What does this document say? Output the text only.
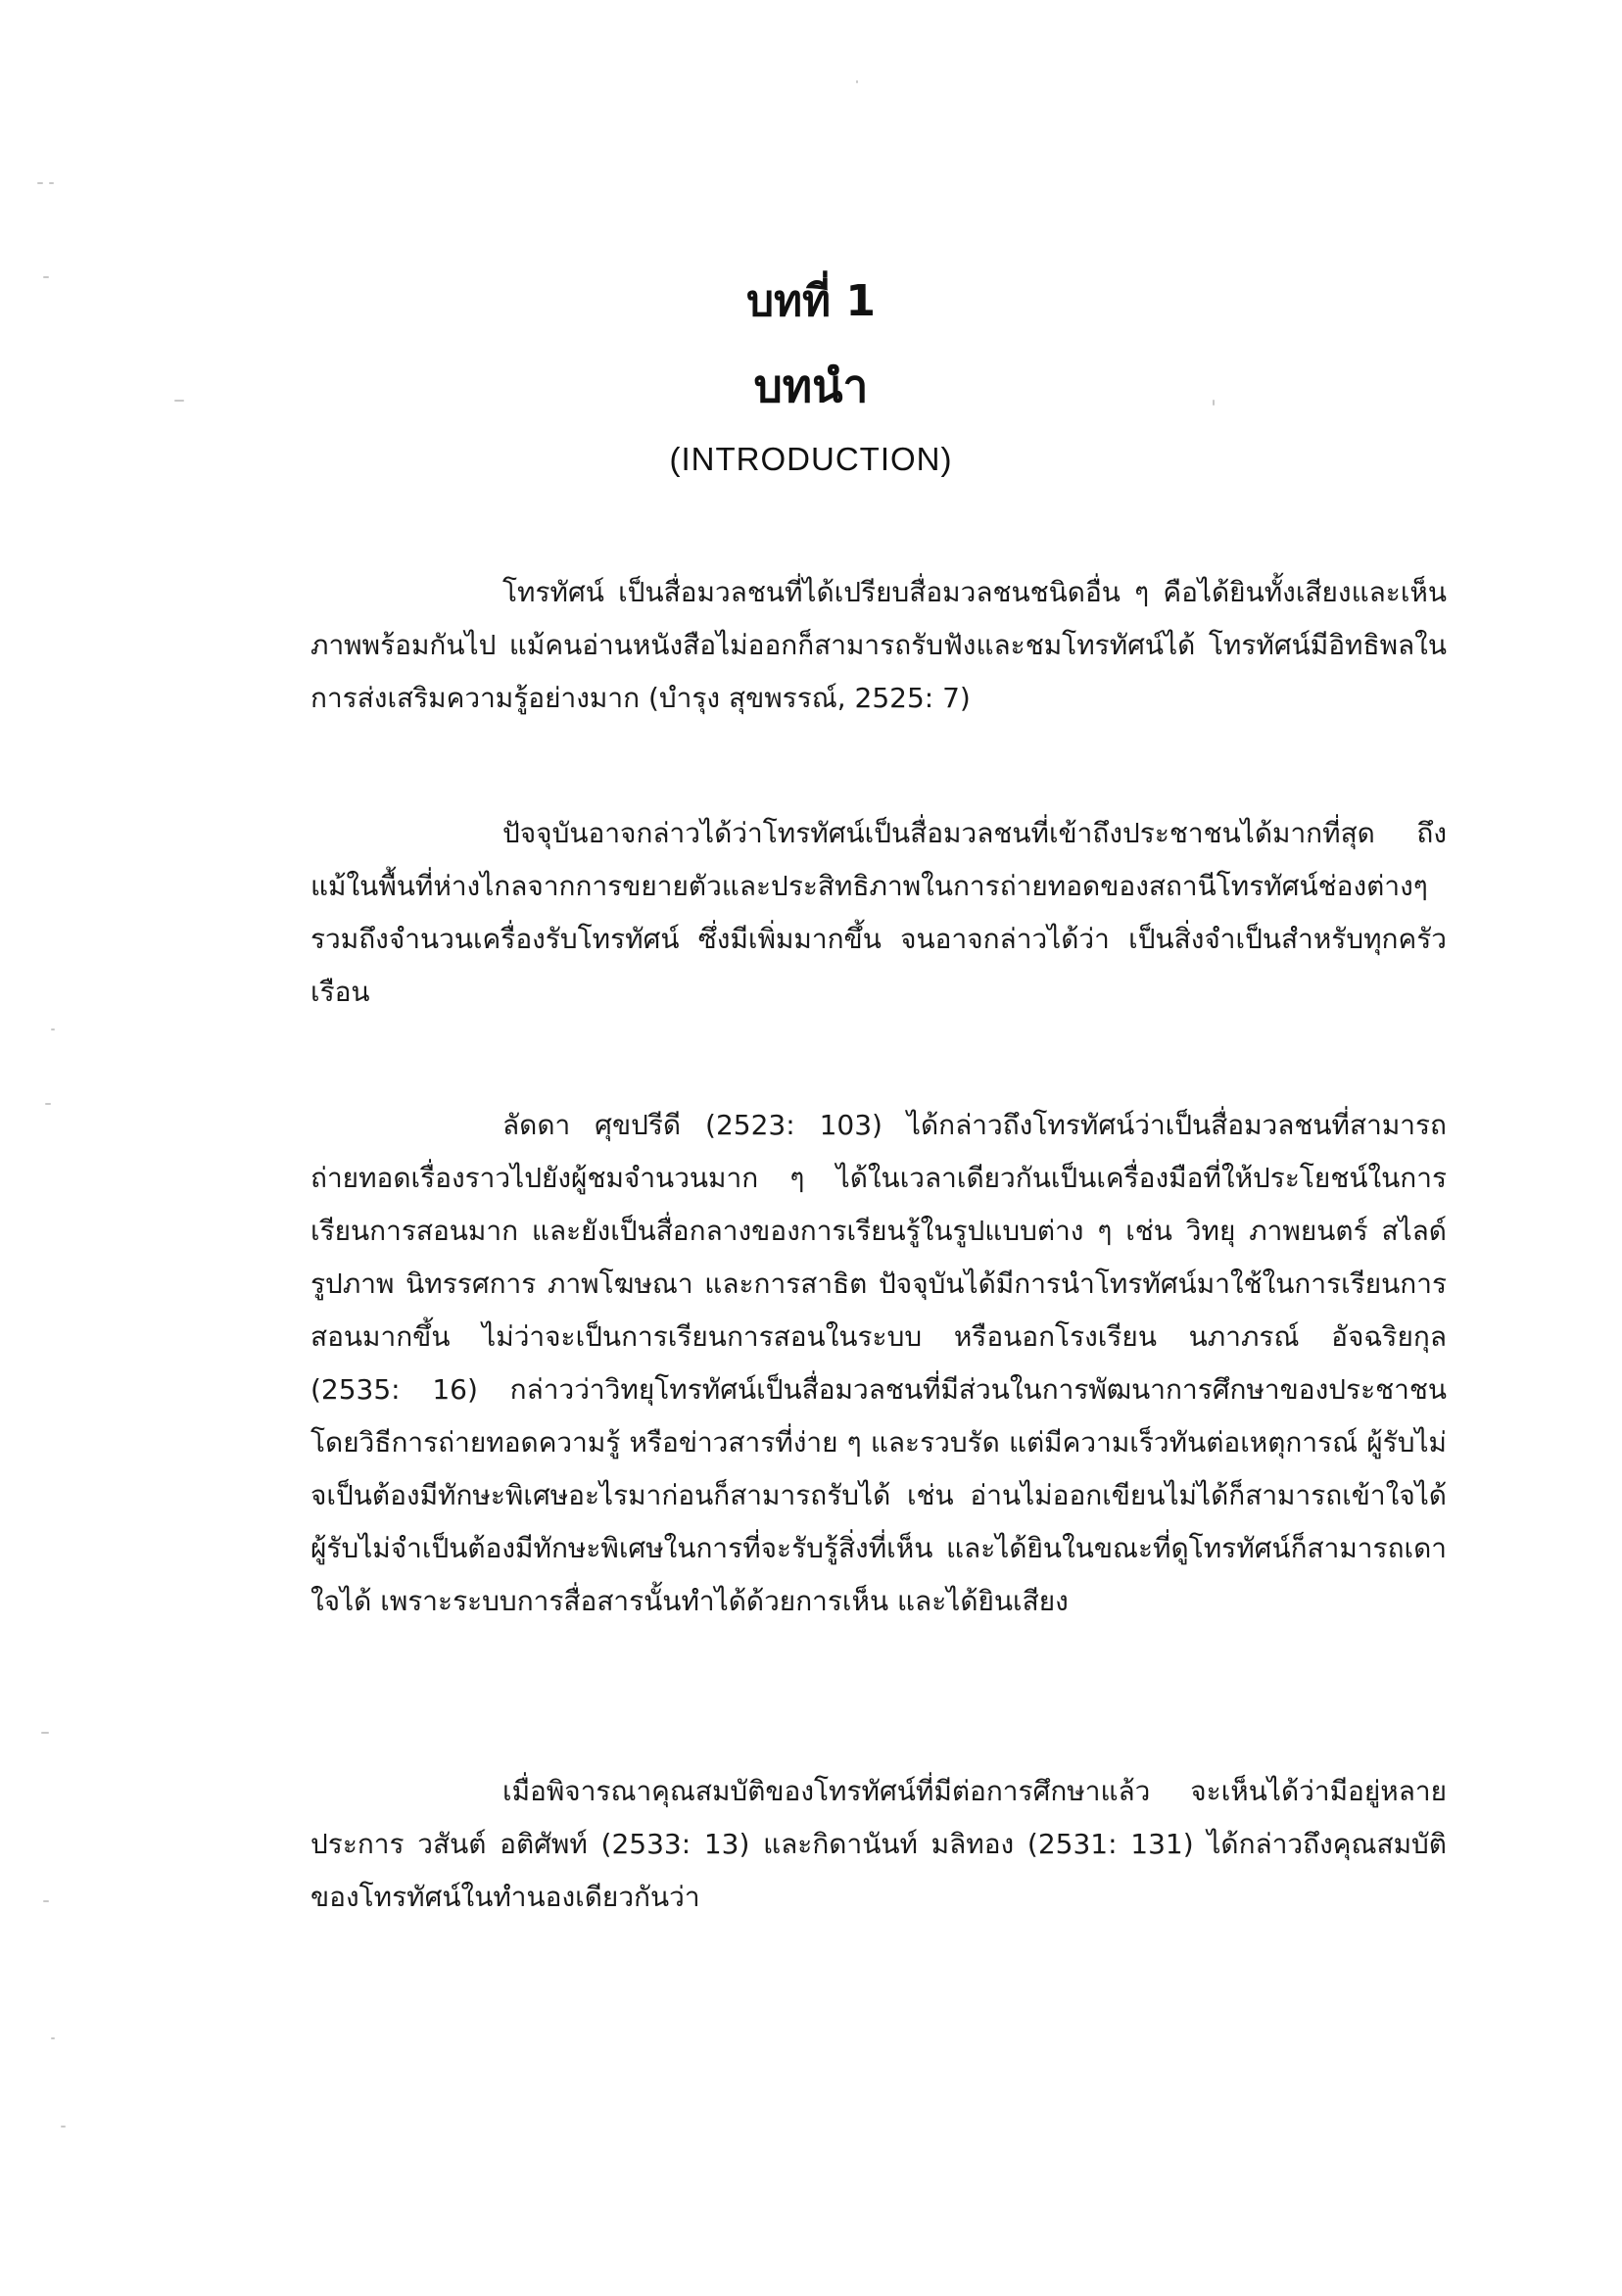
บทที่ 1
บทนำ
(INTRODUCTION)

โทรทัศน์ เป็นสื่อมวลชนที่ได้เปรียบสื่อมวลชนชนิดอื่น ๆ คือได้ยินทั้งเสียงและเห็นภาพพร้อมกันไป แม้คนอ่านหนังสือไม่ออกก็สามารถรับฟังและชมโทรทัศน์ได้ โทรทัศน์มีอิทธิพลในการส่งเสริมความรู้อย่างมาก (บำรุง สุขพรรณ์, 2525: 7)

ปัจจุบันอาจกล่าวได้ว่าโทรทัศน์เป็นสื่อมวลชนที่เข้าถึงประชาชนได้มากที่สุด ถึงแม้ในพื้นที่ห่างไกลจากการขยายตัวและประสิทธิภาพในการถ่ายทอดของสถานีโทรทัศน์ช่องต่างๆ รวมถึงจำนวนเครื่องรับโทรทัศน์ ซึ่งมีเพิ่มมากขึ้น จนอาจกล่าวได้ว่า เป็นสิ่งจำเป็นสำหรับทุกครัวเรือน

ลัดดา ศุขปรีดี (2523: 103) ได้กล่าวถึงโทรทัศน์ว่าเป็นสื่อมวลชนที่สามารถถ่ายทอดเรื่องราวไปยังผู้ชมจำนวนมาก ๆ ได้ในเวลาเดียวกันเป็นเครื่องมือที่ให้ประโยชน์ในการเรียนการสอนมาก และยังเป็นสื่อกลางของการเรียนรู้ในรูปแบบต่าง ๆ เช่น วิทยุ ภาพยนตร์ สไลด์ รูปภาพ นิทรรศการ ภาพโฆษณา และการสาธิต ปัจจุบันได้มีการนำโทรทัศน์มาใช้ในการเรียนการสอนมากขึ้น ไม่ว่าจะเป็นการเรียนการสอนในระบบ หรือนอกโรงเรียน นภาภรณ์ อัจฉริยกุล (2535: 16) กล่าวว่าวิทยุโทรทัศน์เป็นสื่อมวลชนที่มีส่วนในการพัฒนาการศึกษาของประชาชน โดยวิธีการถ่ายทอดความรู้ หรือข่าวสารที่ง่าย ๆ และรวบรัด แต่มีความเร็วทันต่อเหตุการณ์ ผู้รับไม่จเป็นต้องมีทักษะพิเศษอะไรมาก่อนก็สามารถรับได้ เช่น อ่านไม่ออกเขียนไม่ได้ก็สามารถเข้าใจได้ ผู้รับไม่จำเป็นต้องมีทักษะพิเศษในการที่จะรับรู้สิ่งที่เห็น และได้ยินในขณะที่ดูโทรทัศน์ก็สามารถเดาใจได้ เพราะระบบการสื่อสารนั้นทำได้ด้วยการเห็น และได้ยินเสียง

เมื่อพิจารณาคุณสมบัติของโทรทัศน์ที่มีต่อการศึกษาแล้ว จะเห็นได้ว่ามีอยู่หลายประการ วสันต์ อติศัพท์ (2533: 13) และกิดานันท์ มลิทอง (2531: 131) ได้กล่าวถึงคุณสมบัติของโทรทัศน์ในทำนองเดียวกันว่า
